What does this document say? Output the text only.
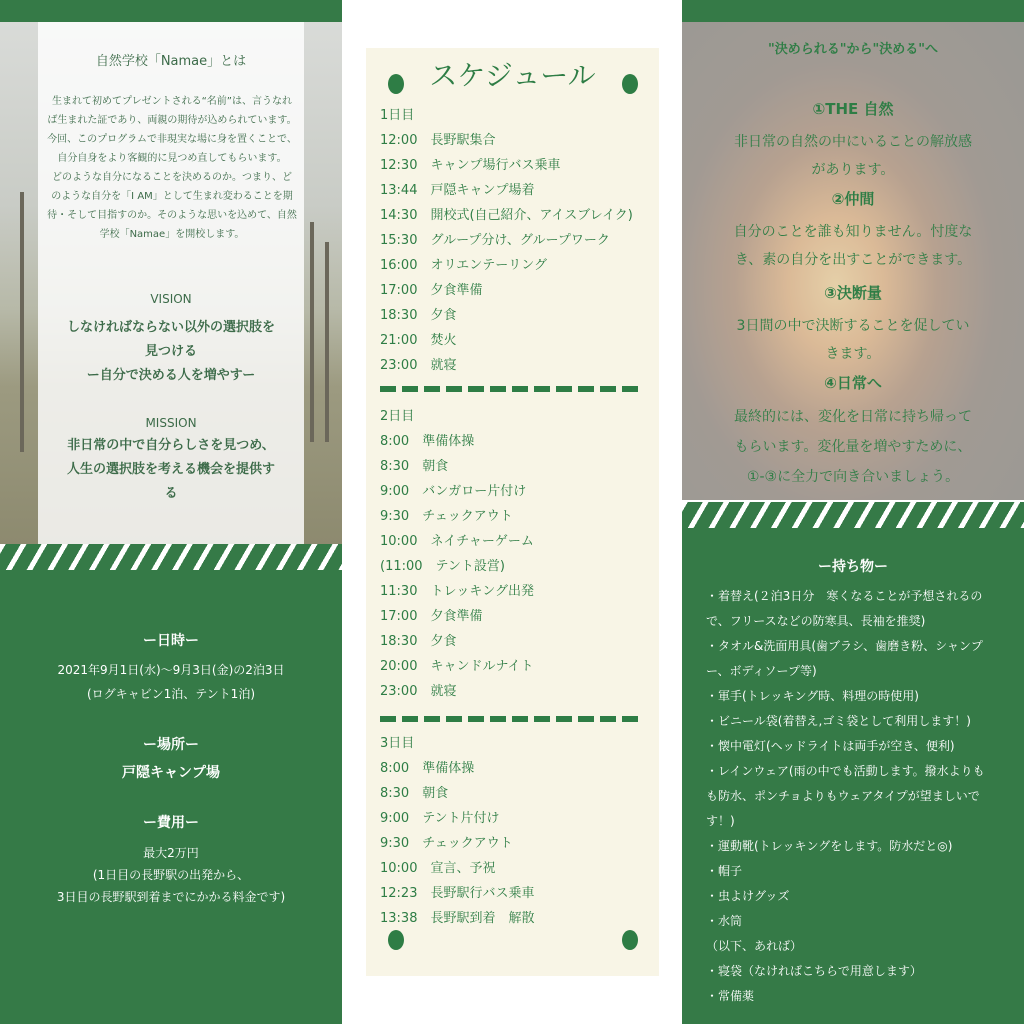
自然学校「Namae」とは
生まれて初めてプレゼントされる“名前”は、言うなれ
ば生まれた証であり、両親の期待が込められています。
今回、このプログラムで非現実な場に身を置くことで、
自分自身をより客観的に見つめ直してもらいます。
どのような自分になることを決めるのか。つまり、ど
のような自分を「I AM」として生まれ変わることを期
待・そして目指すのか。そのような思いを込めて、自然
学校「Namae」を開校します。
VISION
しなければならない以外の選択肢を
見つける
ー自分で決める人を増やすー
MISSION
非日常の中で自分らしさを見つめ、
人生の選択肢を考える機会を提供す
る
ー日時ー
2021年9月1日(水)〜9月3日(金)の2泊3日
(ログキャビン1泊、テント1泊)
ー場所ー
戸隠キャンプ場
ー費用ー
最大2万円
(1日目の長野駅の出発から、
3日目の長野駅到着までにかかる料金です)
スケジュール
1日目
12:00　長野駅集合
12:30　キャンプ場行バス乗車
13:44　戸隠キャンプ場着
14:30　開校式(自己紹介、アイスブレイク)
15:30　グループ分け、グループワーク
16:00　オリエンテーリング
17:00　夕食準備
18:30　夕食
21:00　焚火
23:00　就寝
2日目
8:00　準備体操
8:30　朝食
9:00　バンガロー片付け
9:30　チェックアウト
10:00　ネイチャーゲーム
(11:00　テント設営)
11:30　トレッキング出発
17:00　夕食準備
18:30　夕食
20:00　キャンドルナイト
23:00　就寝
3日目
8:00　準備体操
8:30　朝食
9:00　テント片付け
9:30　チェックアウト
10:00　宣言、予祝
12:23　長野駅行バス乗車
13:38　長野駅到着　解散
"決められる"から"決める"へ
①THE 自然
非日常の自然の中にいることの解放感
があります。
②仲間
自分のことを誰も知りません。忖度な
き、素の自分を出すことができます。
③決断量
3日間の中で決断することを促してい
きます。
④日常へ
最終的には、変化を日常に持ち帰って
もらいます。変化量を増やすために、
①-③に全力で向き合いましょう。
ー持ち物ー
・着替え(２泊3日分　寒くなることが予想されるの
で、フリースなどの防寒具、長袖を推奨)
・タオル&洗面用具(歯ブラシ、歯磨き粉、シャンプ
ー、ボディソープ等)
・軍手(トレッキング時、料理の時使用)
・ビニール袋(着替え,ゴミ袋として利用します！)
・懐中電灯(ヘッドライトは両手が空き、便利)
・レインウェア(雨の中でも活動します。撥水よりも
も防水、ポンチョよりもウェアタイプが望ましいで
す！)
・運動靴(トレッキングをします。防水だと◎)
・帽子
・虫よけグッズ
・水筒
（以下、あれば）
・寝袋（なければこちらで用意します）
・常備薬
